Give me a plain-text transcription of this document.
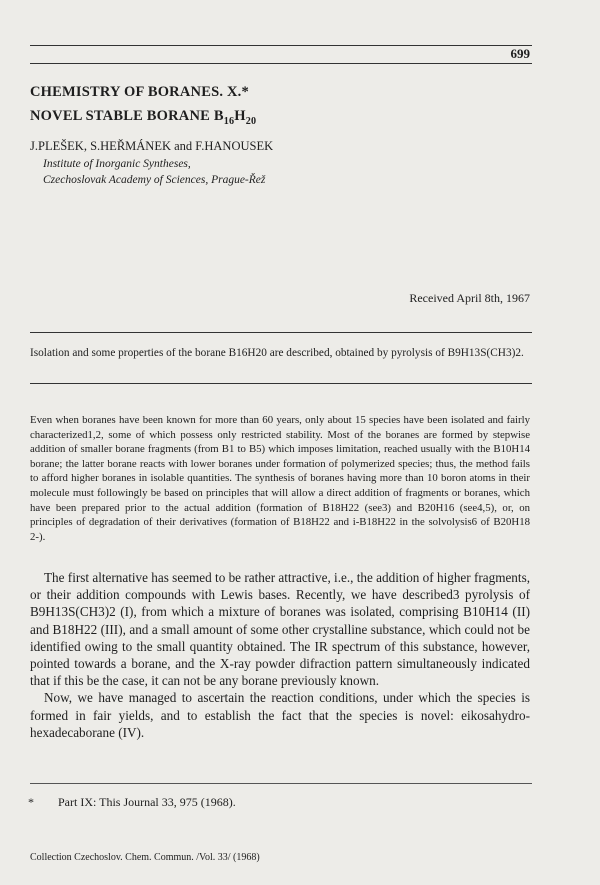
699
CHEMISTRY OF BORANES. X.*
NOVEL STABLE BORANE $B_{16}H_{20}$
J.PLEŠEK, S.HEŘMÁNEK and F.HANOUSEK
Institute of Inorganic Syntheses,
Czechoslovak Academy of Sciences, Prague-Řež
Received April 8th, 1967
Isolation and some properties of the borane B16H20 are described, obtained by pyrolysis of B9H13S(CH3)2.
Even when boranes have been known for more than 60 years, only about 15 species have been isolated and fairly characterized1,2, some of which possess only restricted stability. Most of the boranes are formed by stepwise addition of smaller borane fragments (from B1 to B5) which imposes limitation, reached usually with the B10H14 borane; the latter borane reacts with lower boranes under formation of polymerized species; thus, the method fails to afford higher boranes in isolable quantities. The synthesis of boranes having more than 10 boron atoms in their molecule must followingly be based on principles that will allow a direct addition of fragments or boranes, which have been prepared prior to the actual addition (formation of B18H22 (see3) and B20H16 (see4,5), or, on principles of degradation of their derivatives (formation of B18H22 and i-B18H22 in the solvolysis6 of B20H18 2-).

The first alternative has seemed to be rather attractive, i.e., the addition of higher fragments, or their addition compounds with Lewis bases. Recently, we have described3 pyrolysis of B9H13S(CH3)2 (I), from which a mixture of boranes was isolated, comprising B10H14 (II) and B18H22 (III), and a small amount of some other crystalline substance, which could not be identified owing to the small quantity obtained. The IR spectrum of this substance, however, pointed towards a borane, and the X-ray powder difraction pattern simultaneously indicated that if this be the case, it can not be any borane previously known.

Now, we have managed to ascertain the reaction conditions, under which the species is formed in fair yields, and to establish the fact that the species is novel: eikosahydro-hexadecaborane (IV).

* Part IX: This Journal 33, 975 (1968).
Collection Czechoslov. Chem. Commun. /Vol. 33/ (1968)
